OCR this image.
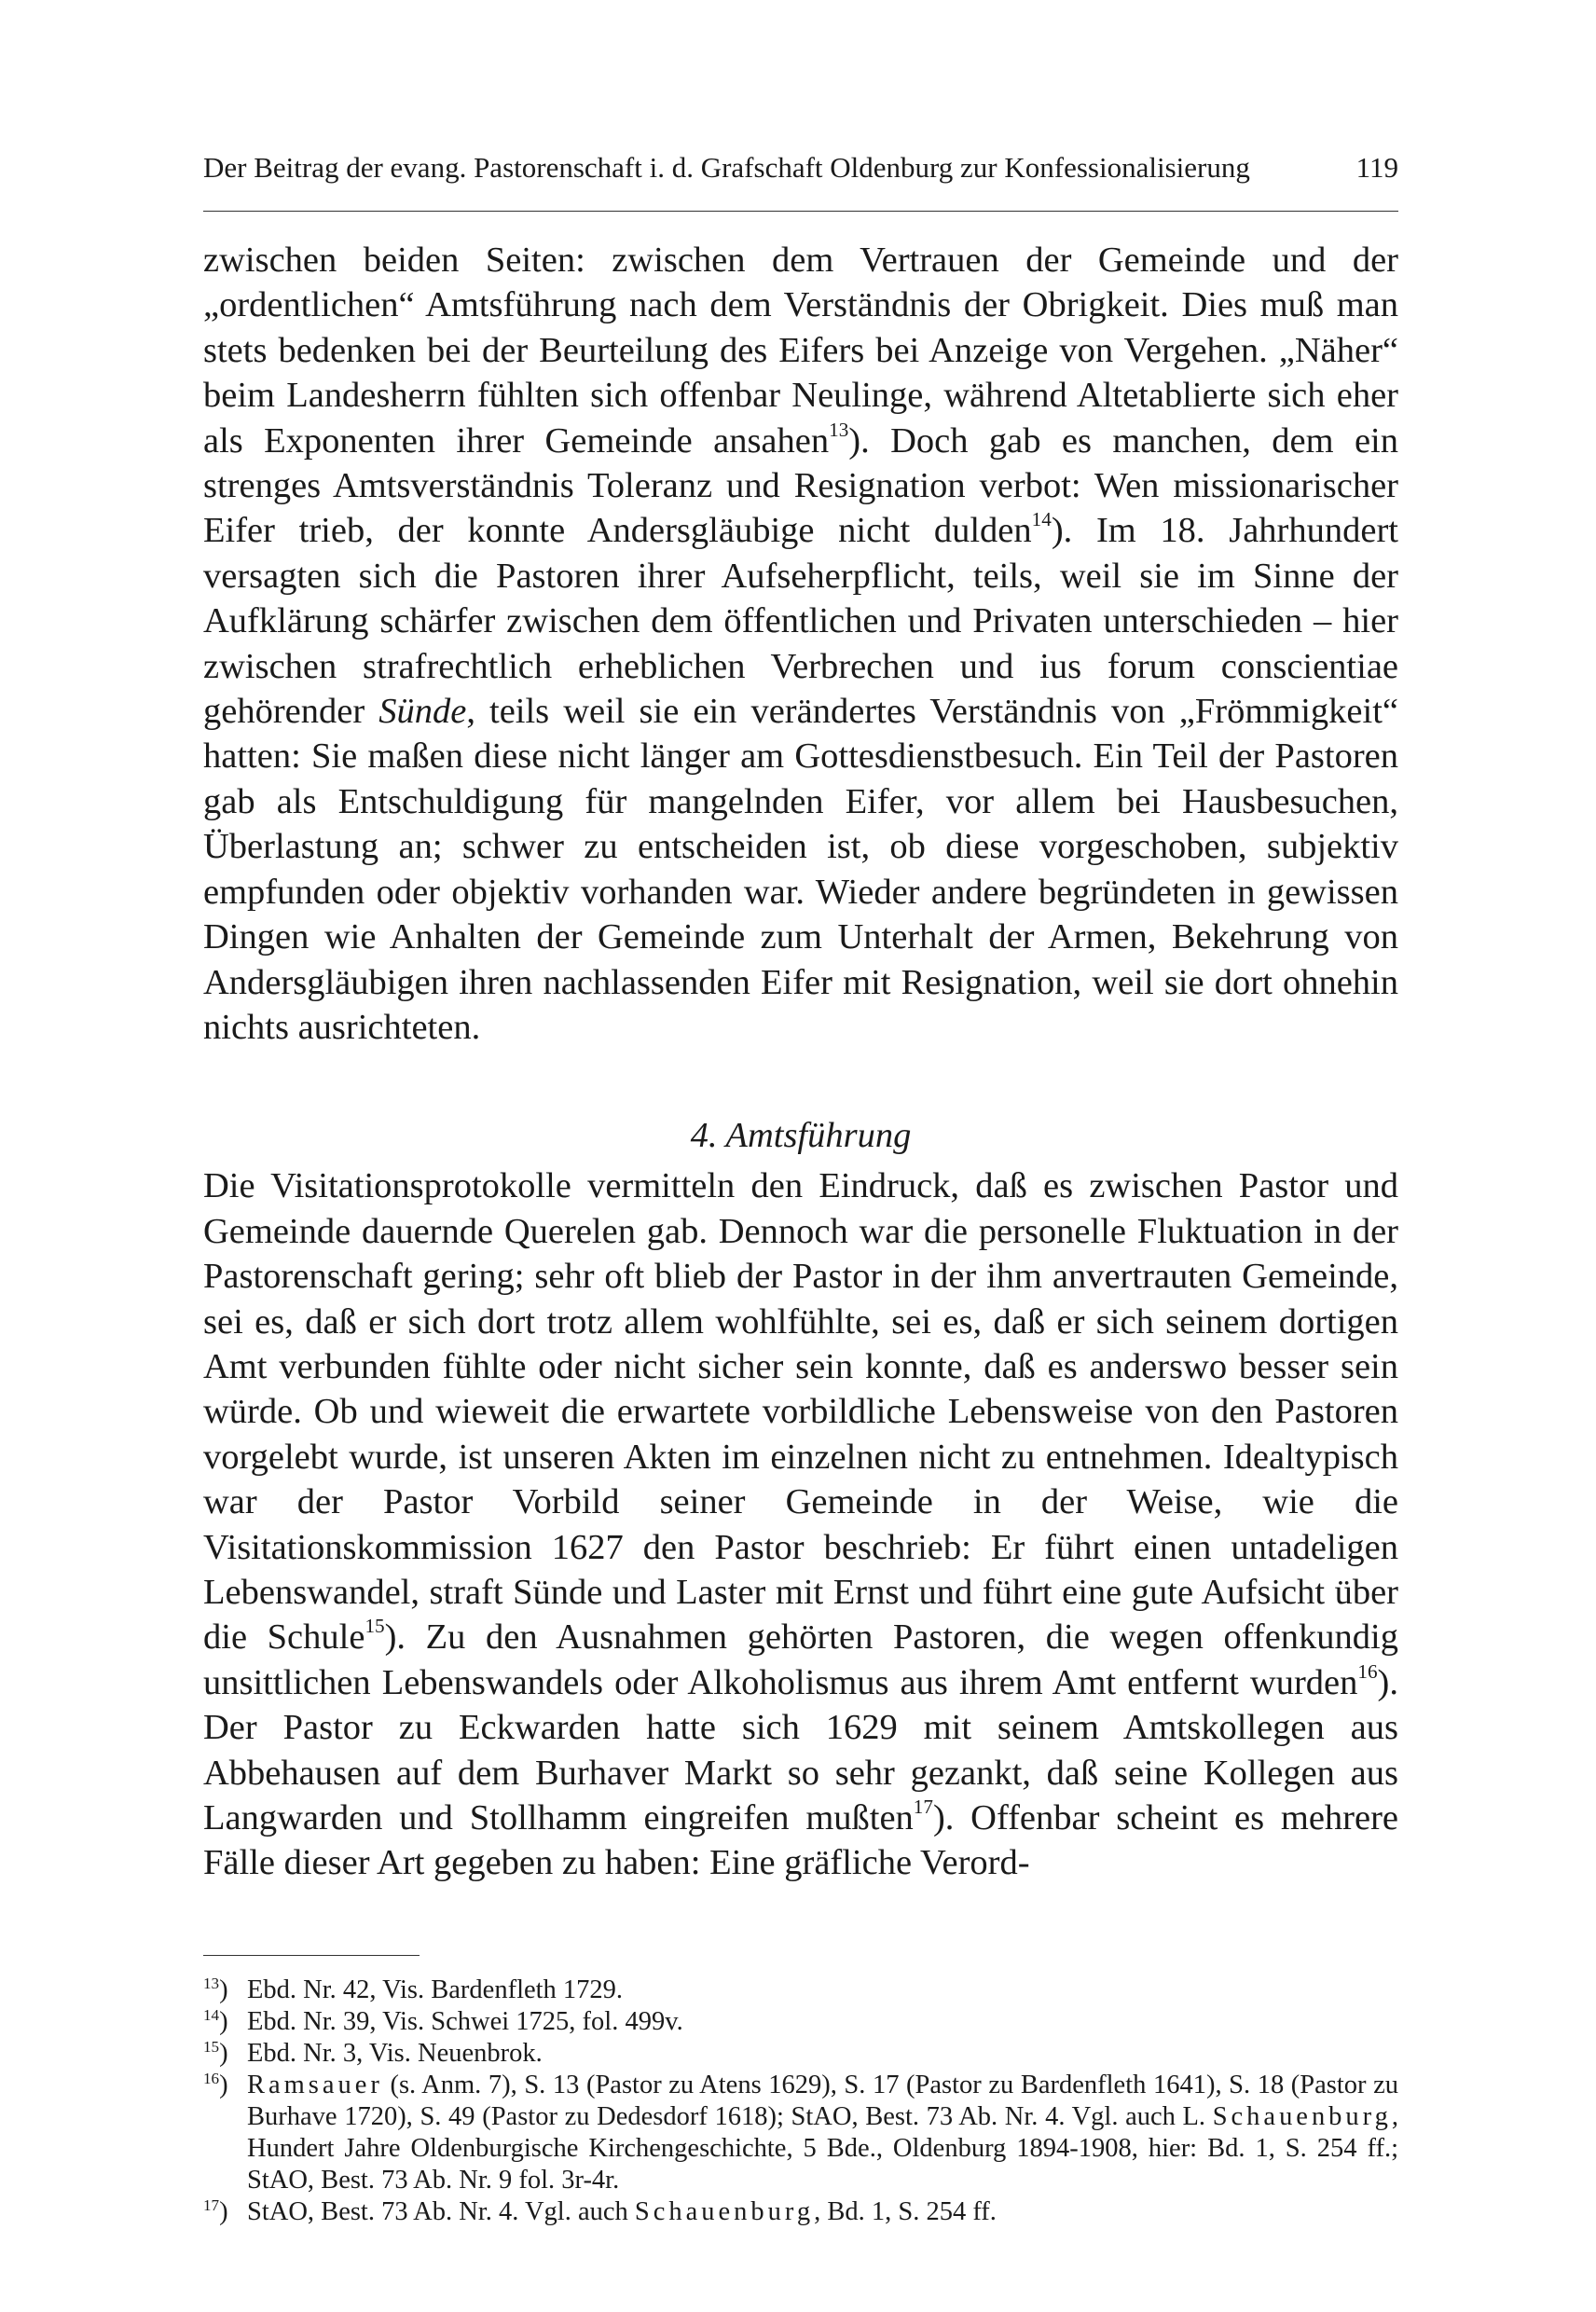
Der Beitrag der evang. Pastorenschaft i. d. Grafschaft Oldenburg zur Konfessionalisierung	119

zwischen beiden Seiten: zwischen dem Vertrauen der Gemeinde und der „ordentlichen“ Amtsführung nach dem Verständnis der Obrigkeit. Dies muß man stets bedenken bei der Beurteilung des Eifers bei Anzeige von Vergehen. „Näher“ beim Landesherrn fühlten sich offenbar Neulinge, während Altetablierte sich eher als Exponenten ihrer Gemeinde ansahen$^{13}$). Doch gab es manchen, dem ein strenges Amtsverständnis Toleranz und Resignation verbot: Wen missionarischer Eifer trieb, der konnte Andersgläubige nicht dulden$^{14}$). Im 18. Jahrhundert versagten sich die Pastoren ihrer Aufseherpflicht, teils, weil sie im Sinne der Aufklärung schärfer zwischen dem öffentlichen und Privaten unterschieden – hier zwischen strafrechtlich erheblichen Verbrechen und ius forum conscientiae gehörender Sünde, teils weil sie ein verändertes Verständnis von „Frömmigkeit“ hatten: Sie maßen diese nicht länger am Gottesdienstbesuch. Ein Teil der Pastoren gab als Entschuldigung für mangelnden Eifer, vor allem bei Hausbesuchen, Überlastung an; schwer zu entscheiden ist, ob diese vorgeschoben, subjektiv empfunden oder objektiv vorhanden war. Wieder andere begründeten in gewissen Dingen wie Anhalten der Gemeinde zum Unterhalt der Armen, Bekehrung von Andersgläubigen ihren nachlassenden Eifer mit Resignation, weil sie dort ohnehin nichts ausrichteten.

4. Amtsführung

Die Visitationsprotokolle vermitteln den Eindruck, daß es zwischen Pastor und Gemeinde dauernde Querelen gab. Dennoch war die personelle Fluktuation in der Pastorenschaft gering; sehr oft blieb der Pastor in der ihm anvertrauten Gemeinde, sei es, daß er sich dort trotz allem wohlfühlte, sei es, daß er sich seinem dortigen Amt verbunden fühlte oder nicht sicher sein konnte, daß es anderswo besser sein würde. Ob und wieweit die erwartete vorbildliche Lebensweise von den Pastoren vorgelebt wurde, ist unseren Akten im einzelnen nicht zu entnehmen. Idealtypisch war der Pastor Vorbild seiner Gemeinde in der Weise, wie die Visitationskommission 1627 den Pastor beschrieb: Er führt einen untadeligen Lebenswandel, straft Sünde und Laster mit Ernst und führt eine gute Aufsicht über die Schule$^{15}$). Zu den Ausnahmen gehörten Pastoren, die wegen offenkundig unsittlichen Lebenswandels oder Alkoholismus aus ihrem Amt entfernt wurden$^{16}$). Der Pastor zu Eckwarden hatte sich 1629 mit seinem Amtskollegen aus Abbehausen auf dem Burhaver Markt so sehr gezankt, daß seine Kollegen aus Langwarden und Stollhamm eingreifen mußten$^{17}$). Offenbar scheint es mehrere Fälle dieser Art gegeben zu haben: Eine gräfliche Verord-

$^{13}$) Ebd. Nr. 42, Vis. Bardenfleth 1729.
$^{14}$) Ebd. Nr. 39, Vis. Schwei 1725, fol. 499v.
$^{15}$) Ebd. Nr. 3, Vis. Neuenbrok.
$^{16}$) Ramsauer (s. Anm. 7), S. 13 (Pastor zu Atens 1629), S. 17 (Pastor zu Bardenfleth 1641), S. 18 (Pastor zu Burhave 1720), S. 49 (Pastor zu Dedesdorf 1618); StAO, Best. 73 Ab. Nr. 4. Vgl. auch L. Schauenburg, Hundert Jahre Oldenburgische Kirchengeschichte, 5 Bde., Oldenburg 1894-1908, hier: Bd. 1, S. 254 ff.; StAO, Best. 73 Ab. Nr. 9 fol. 3r-4r.
$^{17}$) StAO, Best. 73 Ab. Nr. 4. Vgl. auch Schauenburg, Bd. 1, S. 254 ff.
